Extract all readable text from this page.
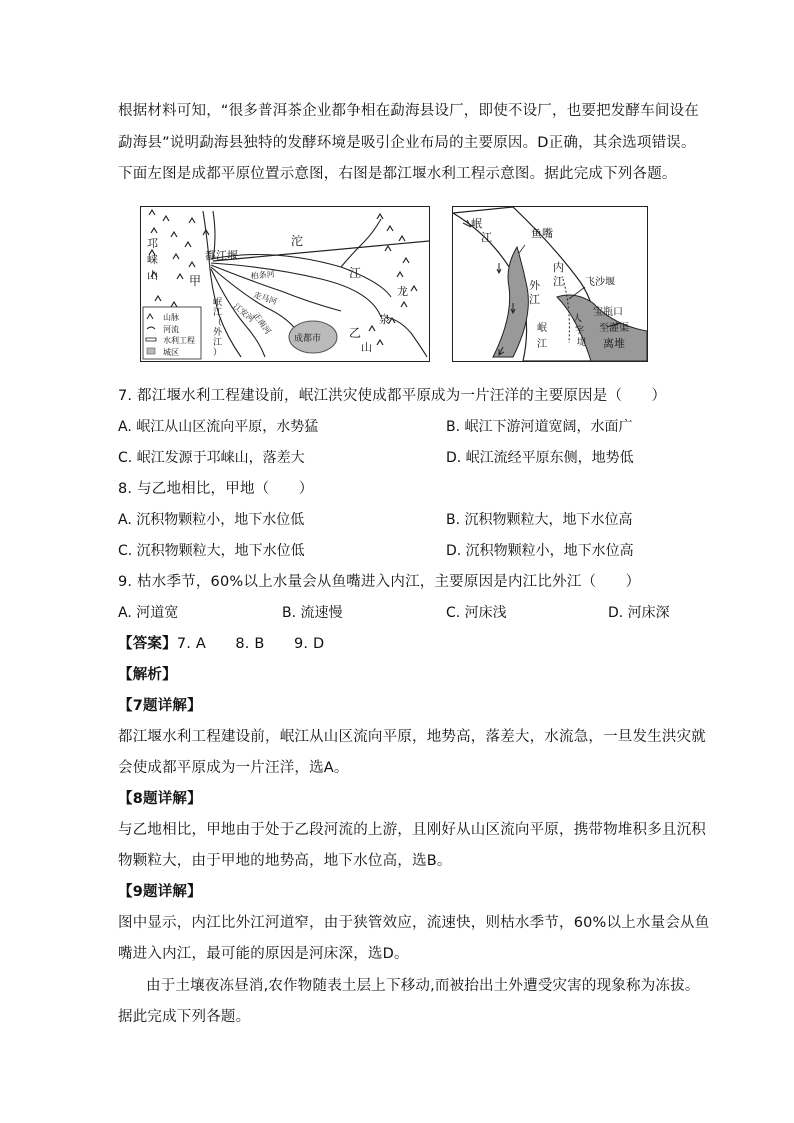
根据材料可知，“很多普洱茶企业都争相在勐海县设厂，即使不设厂，也要把发酵车间设在
勐海县”说明勐海县独特的发酵环境是吸引企业布局的主要原因。D正确，其余选项错误。
下面左图是成都平原位置示意图，右图是都江堰水利工程示意图。据此完成下列各题。
邛
崃
山
都江堰
甲
乙
沱
江
龙
泉
山
岷
江
（
外
江
）
柏条河
走马河
江安河
正南河
成都市
山脉
河流
水利工程
城区
岷
江	鱼嘴
内
江
外
江
飞沙堰
宝瓶口
至灌渠
离堆
人
字
堤
岷
江
7. 都江堰水利工程建设前，岷江洪灾使成都平原成为一片汪洋的主要原因是（　　）
A. 岷江从山区流向平原，水势猛	B. 岷江下游河道宽阔，水面广
C. 岷江发源于邛崃山，落差大	D. 岷江流经平原东侧，地势低
8. 与乙地相比，甲地（　　）
A. 沉积物颗粒小，地下水位低	B. 沉积物颗粒大，地下水位高
C. 沉积物颗粒大，地下水位低	D. 沉积物颗粒小，地下水位高
9. 枯水季节，60%以上水量会从鱼嘴进入内江，主要原因是内江比外江（　　）
A. 河道宽	B. 流速慢	C. 河床浅	D. 河床深
【答案】7. A　　8. B　　9. D
【解析】
【7题详解】
都江堰水利工程建设前，岷江从山区流向平原，地势高，落差大，水流急，一旦发生洪灾就
会使成都平原成为一片汪洋，选A。
【8题详解】
与乙地相比，甲地由于处于乙段河流的上游，且刚好从山区流向平原，携带物堆积多且沉积
物颗粒大，由于甲地的地势高，地下水位高，选B。
【9题详解】
图中显示，内江比外江河道窄，由于狭管效应，流速快，则枯水季节，60%以上水量会从鱼
嘴进入内江，最可能的原因是河床深，选D。
由于土壤夜冻昼消,农作物随表土层上下移动,而被抬出土外遭受灾害的现象称为冻拔。
据此完成下列各题。
